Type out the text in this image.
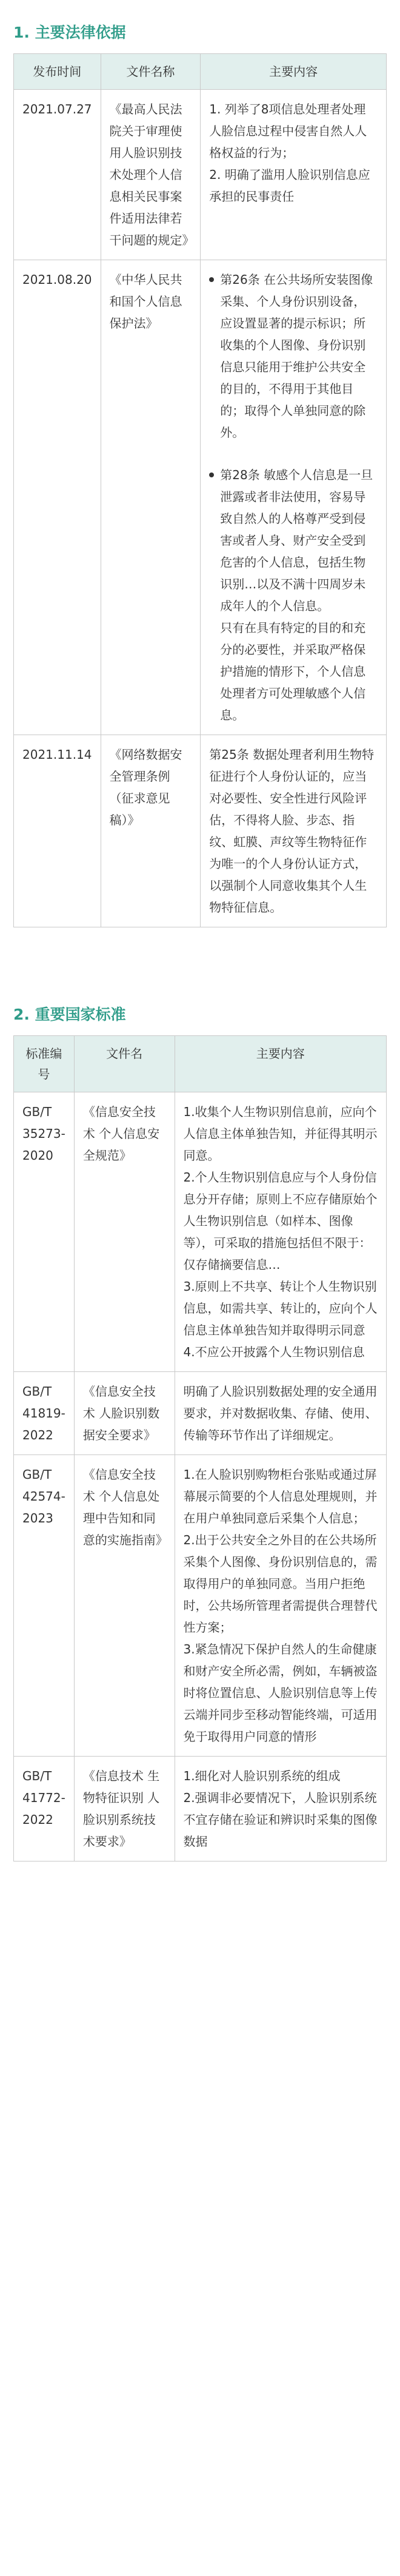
1. 主要法律依据
发布时间	文件名称	主要内容
2021.07.27	《最高人民法院关于审理使用人脸识别技术处理个人信息相关民事案件适用法律若干问题的规定》	1. 列举了8项信息处理者处理人脸信息过程中侵害自然人人格权益的行为；

2. 明确了滥用人脸识别信息应承担的民事责任

2021.08.20	《中华人民共和国个人信息保护法》	第26条 在公共场所安装图像采集、个人身份识别设备，应设置显著的提示标识；所收集的个人图像、身份识别信息只能用于维护公共安全的目的，不得用于其他目的；取得个人单独同意的除外。
第28条 敏感个人信息是一旦泄露或者非法使用，容易导致自然人的人格尊严受到侵害或者人身、财产安全受到危害的个人信息，包括生物识别…以及不满十四周岁未成年人的个人信息。
只有在具有特定的目的和充分的必要性，并采取严格保护措施的情形下，个人信息处理者方可处理敏感个人信息。

2021.11.14	《网络数据安全管理条例（征求意见稿）》	第25条 数据处理者利用生物特征进行个人身份认证的，应当对必要性、安全性进行风险评估，不得将人脸、步态、指纹、虹膜、声纹等生物特征作为唯一的个人身份认证方式，以强制个人同意收集其个人生物特征信息。

2. 重要国家标准
标准编号	文件名	主要内容
GB/T 35273-2020	《信息安全技术 个人信息安全规范》	1.收集个人生物识别信息前，应向个人信息主体单独告知，并征得其明示同意。

2.个人生物识别信息应与个人身份信息分开存储；原则上不应存储原始个人生物识别信息（如样本、图像等），可采取的措施包括但不限于：仅存储摘要信息…

3.原则上不共享、转让个人生物识别信息，如需共享、转让的，应向个人信息主体单独告知并取得明示同意

4.不应公开披露个人生物识别信息

GB/T 41819-2022	《信息安全技术 人脸识别数据安全要求》	明确了人脸识别数据处理的安全通用要求，并对数据收集、存储、使用、传输等环节作出了详细规定。

GB/T 42574-2023	《信息安全技术 个人信息处理中告知和同意的实施指南》	1.在人脸识别购物柜台张贴或通过屏幕展示简要的个人信息处理规则，并在用户单独同意后采集个人信息；

2.出于公共安全之外目的在公共场所采集个人图像、身份识别信息的，需取得用户的单独同意。当用户拒绝时，公共场所管理者需提供合理替代性方案；

3.紧急情况下保护自然人的生命健康和财产安全所必需，例如，车辆被盗时将位置信息、人脸识别信息等上传云端并同步至移动智能终端，可适用免于取得用户同意的情形

GB/T 41772-2022	《信息技术 生物特征识别 人脸识别系统技术要求》	1.细化对人脸识别系统的组成

2.强调非必要情况下，人脸识别系统不宜存储在验证和辨识时采集的图像数据
